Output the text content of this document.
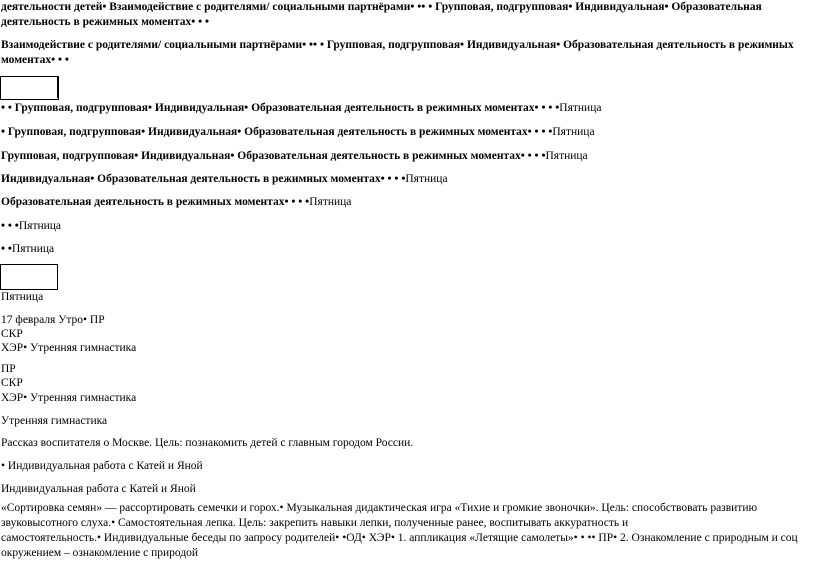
деятельности детей• Взаимодействие с родителями/ социальными партнёрами• •• • Групповая, подгрупповая• Индивидуальная• Образовательная
деятельность в режимных моментах• • •
Взаимодействие с родителями/ социальными партнёрами• •• • Групповая, подгрупповая• Индивидуальная• Образовательная деятельность в режимных
моментах• • •
• • Групповая, подгрупповая• Индивидуальная• Образовательная деятельность в режимных моментах• • • •Пятница
• Групповая, подгрупповая• Индивидуальная• Образовательная деятельность в режимных моментах• • • •Пятница
Групповая, подгрупповая• Индивидуальная• Образовательная деятельность в режимных моментах• • • •Пятница
Индивидуальная• Образовательная деятельность в режимных моментах• • • •Пятница
Образовательная деятельность в режимных моментах• • • •Пятница
• • •Пятница
• •Пятница
Пятница
17 февраля Утро• ПР
СКР
ХЭР• Утренняя гимнастика
ПР
СКР
ХЭР• Утренняя гимнастика
Утренняя гимнастика
Рассказ воспитателя о Москве. Цель: познакомить детей с главным городом России.
• Индивидуальная работа с Катей и Яной
Индивидуальная работа с Катей и Яной
«Сортировка семян» — рассортировать семечки и горох.• Музыкальная дидактическая игра «Тихие и громкие звоночки». Цель: способствовать развитию
звуковысотного слуха.• Самостоятельная лепка. Цель: закрепить навыки лепки, полученные ранее, воспитывать аккуратность и
самостоятельность.• Индивидуальные беседы по запросу родителей• •ОД• ХЭР• 1. аппликация «Летящие самолеты»• • •• ПР• 2. Ознакомление с природным и соц
окружением – ознакомление с природой
